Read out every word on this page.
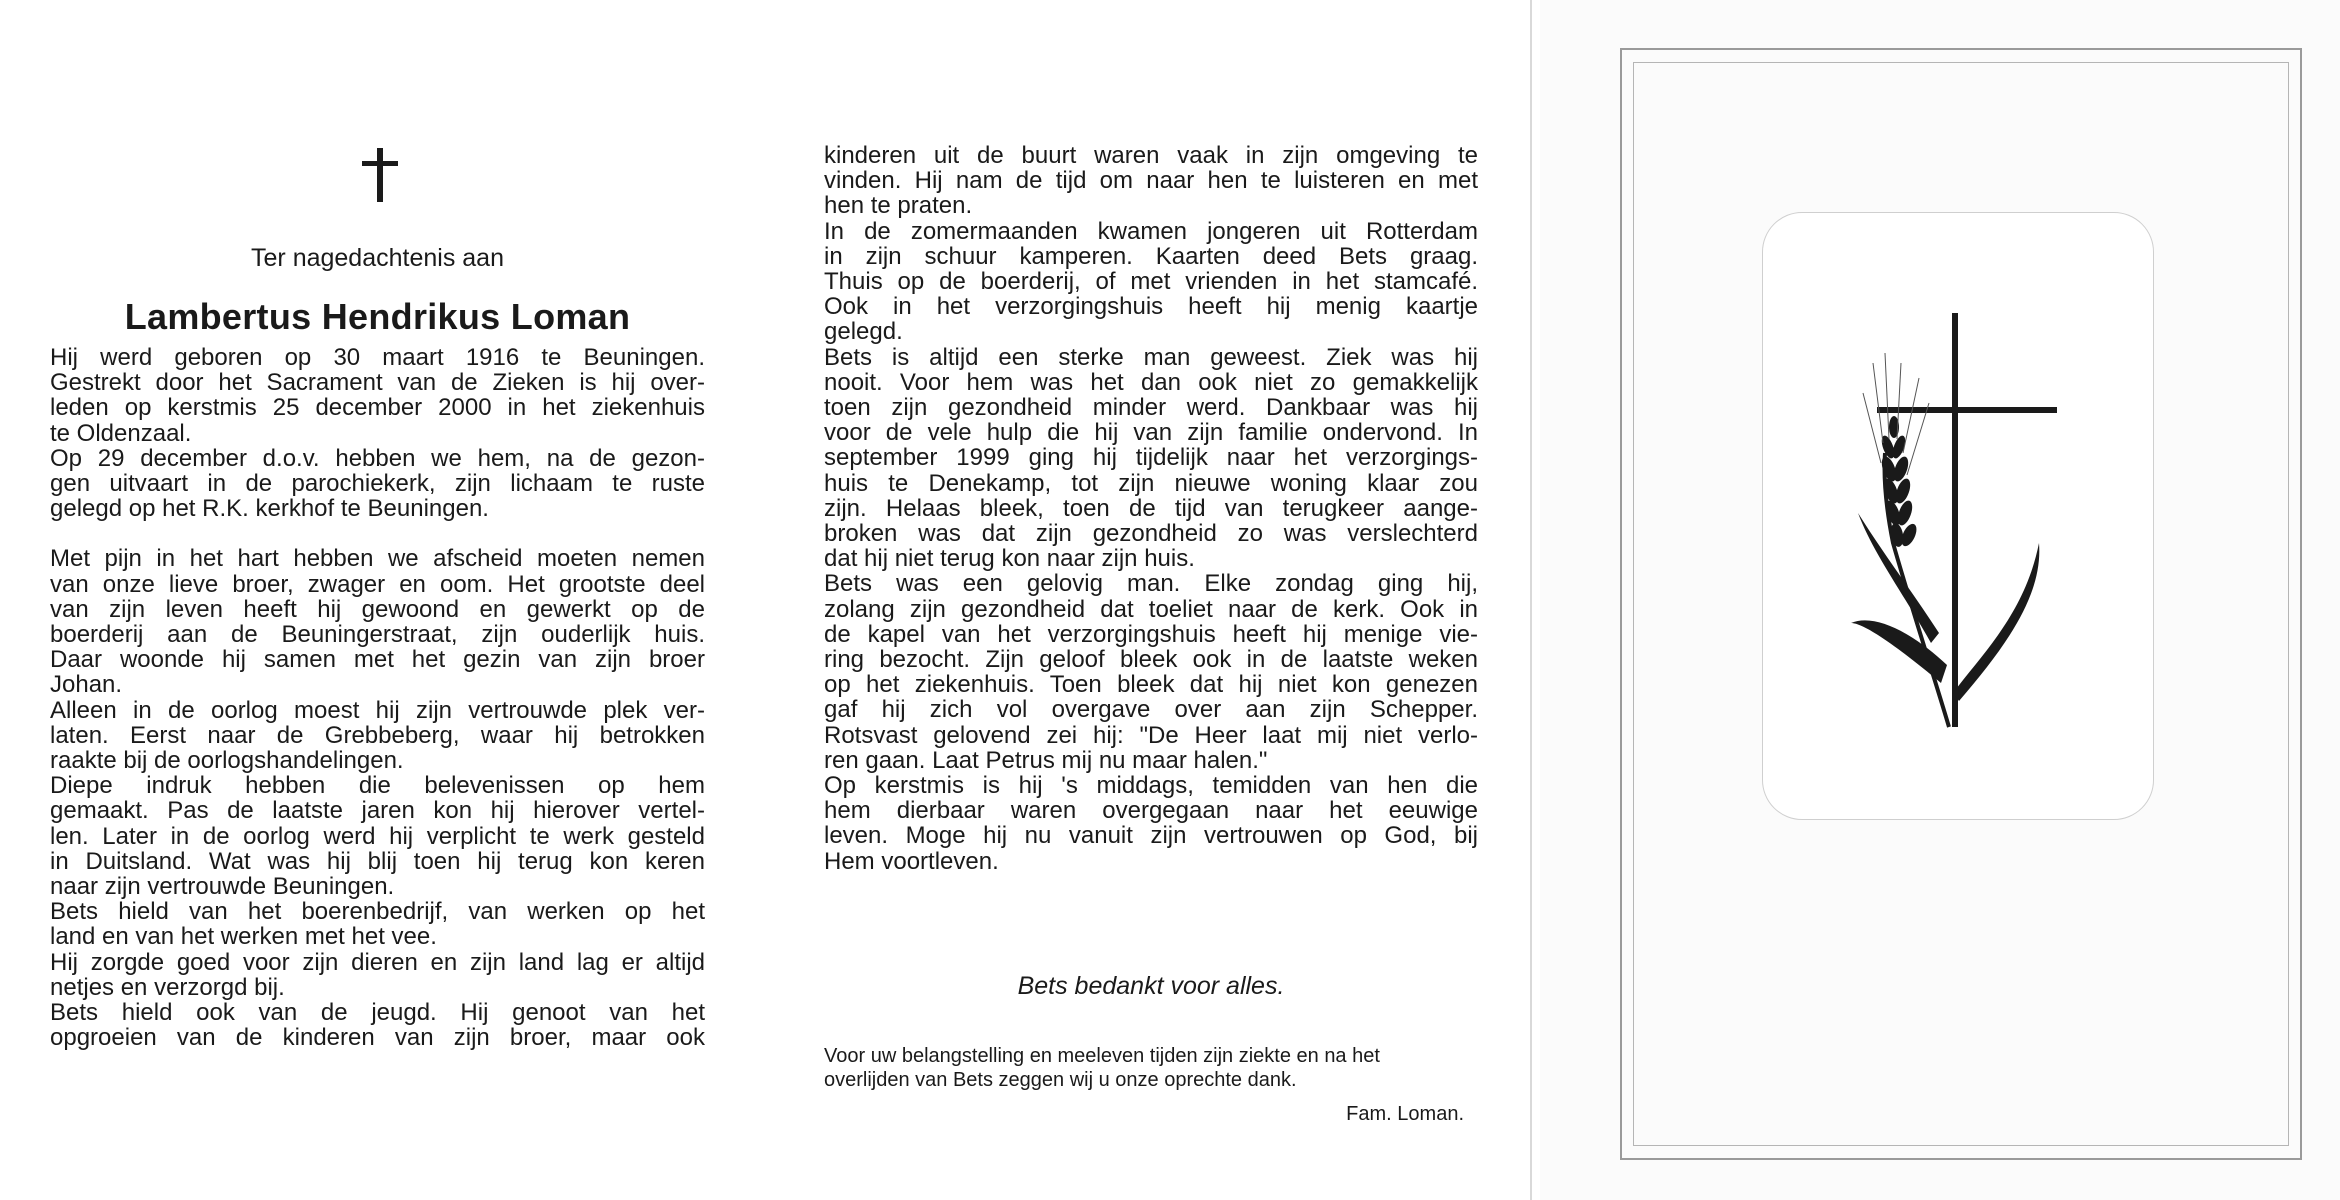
Ter nagedachtenis aan
Lambertus Hendrikus Loman

Hij werd geboren op 30 maart 1916 te Beuningen.

Gestrekt door het Sacrament van de Zieken is hij over-

leden op kerstmis 25 december 2000 in het ziekenhuis

te Oldenzaal.

Op 29 december d.o.v. hebben we hem, na de gezon-

gen uitvaart in de parochiekerk, zijn lichaam te ruste

gelegd op het R.K. kerkhof te Beuningen.

Met pijn in het hart hebben we afscheid moeten nemen

van onze lieve broer, zwager en oom. Het grootste deel

van zijn leven heeft hij gewoond en gewerkt op de

boerderij aan de Beuningerstraat, zijn ouderlijk huis.

Daar woonde hij samen met het gezin van zijn broer

Johan.

Alleen in de oorlog moest hij zijn vertrouwde plek ver-

laten. Eerst naar de Grebbeberg, waar hij betrokken

raakte bij de oorlogshandelingen.

Diepe indruk hebben die belevenissen op hem

gemaakt. Pas de laatste jaren kon hij hierover vertel-

len. Later in de oorlog werd hij verplicht te werk gesteld

in Duitsland. Wat was hij blij toen hij terug kon keren

naar zijn vertrouwde Beuningen.

Bets hield van het boerenbedrijf, van werken op het

land en van het werken met het vee.

Hij zorgde goed voor zijn dieren en zijn land lag er altijd

netjes en verzorgd bij.

Bets hield ook van de jeugd. Hij genoot van het

opgroeien van de kinderen van zijn broer, maar ook

kinderen uit de buurt waren vaak in zijn omgeving te

vinden. Hij nam de tijd om naar hen te luisteren en met

hen te praten.

In de zomermaanden kwamen jongeren uit Rotterdam

in zijn schuur kamperen. Kaarten deed Bets graag.

Thuis op de boerderij, of met vrienden in het stamcafé.

Ook in het verzorgingshuis heeft hij menig kaartje

gelegd.

Bets is altijd een sterke man geweest. Ziek was hij

nooit. Voor hem was het dan ook niet zo gemakkelijk

toen zijn gezondheid minder werd. Dankbaar was hij

voor de vele hulp die hij van zijn familie ondervond. In

september 1999 ging hij tijdelijk naar het verzorgings-

huis te Denekamp, tot zijn nieuwe woning klaar zou

zijn. Helaas bleek, toen de tijd van terugkeer aange-

broken was dat zijn gezondheid zo was verslechterd

dat hij niet terug kon naar zijn huis.

Bets was een gelovig man. Elke zondag ging hij,

zolang zijn gezondheid dat toeliet naar de kerk. Ook in

de kapel van het verzorgingshuis heeft hij menige vie-

ring bezocht. Zijn geloof bleek ook in de laatste weken

op het ziekenhuis. Toen bleek dat hij niet kon genezen

gaf hij zich vol overgave over aan zijn Schepper.

Rotsvast gelovend zei hij: "De Heer laat mij niet verlo-

ren gaan. Laat Petrus mij nu maar halen."

Op kerstmis is hij 's middags, temidden van hen die

hem dierbaar waren overgegaan naar het eeuwige

leven. Moge hij nu vanuit zijn vertrouwen op God, bij

Hem voortleven.

Bets bedankt voor alles.
Voor uw belangstelling en meeleven tijden zijn ziekte en na het
overlijden van Bets zeggen wij u onze oprechte dank.
Fam. Loman.
